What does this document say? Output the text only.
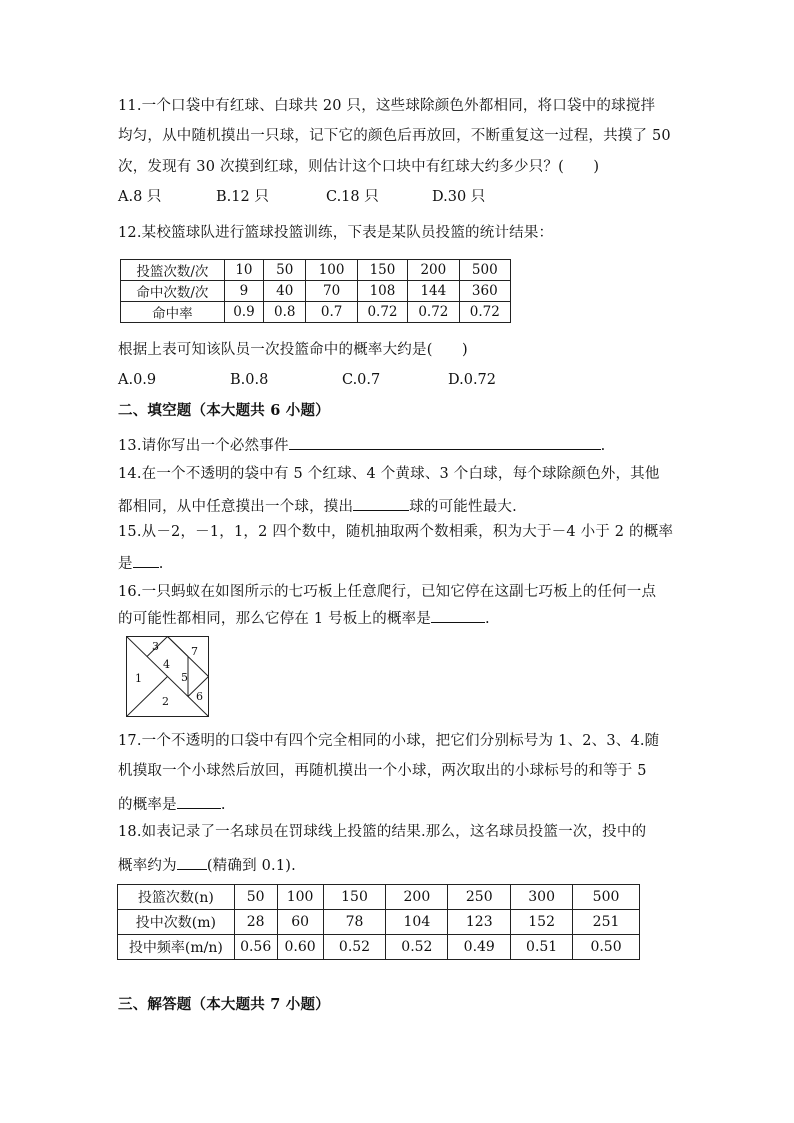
11.一个口袋中有红球、白球共 20 只，这些球除颜色外都相同，将口袋中的球搅拌
均匀，从中随机摸出一只球，记下它的颜色后再放回，不断重复这一过程，共摸了 50
次，发现有 30 次摸到红球，则估计这个口块中有红球大约多少只？(　　)
A.8 只	B.12 只	C.18 只	D.30 只
12.某校篮球队进行篮球投篮训练，下表是某队员投篮的统计结果：
投篮次数/次	10	50	100	150	200	500
命中次数/次	9	40	70	108	144	360
命中率	0.9	0.8	0.7	0.72	0.72	0.72
根据上表可知该队员一次投篮命中的概率大约是(　　)
A.0.9	B.0.8	C.0.7	D.0.72
二、填空题（本大题共 6 小题）
13.请你写出一个必然事件	.
14.在一个不透明的袋中有 5 个红球、4 个黄球、3 个白球，每个球除颜色外，其他
都相同，从中任意摸出一个球，摸出	球的可能性最大.
15.从－2，－1，1，2 四个数中，随机抽取两个数相乘，积为大于－4 小于 2 的概率
是 .
16.一只蚂蚁在如图所示的七巧板上任意爬行，已知它停在这副七巧板上的任何一点
的可能性都相同，那么它停在 1 号板上的概率是	.
1
2
3
4
5
6
7
17.一个不透明的口袋中有四个完全相同的小球，把它们分别标号为 1、2、3、4.随
机摸取一个小球然后放回，再随机摸出一个小球，两次取出的小球标号的和等于 5
的概率是	.
18.如表记录了一名球员在罚球线上投篮的结果.那么，这名球员投篮一次，投中的
概率约为 (精确到 0.1).
投篮次数(n)	50	100	150	200	250	300	500
投中次数(m)	28	60	78	104	123	152	251
投中频率(m/n)	0.56	0.60	0.52	0.52	0.49	0.51	0.50
三、解答题（本大题共 7 小题）
